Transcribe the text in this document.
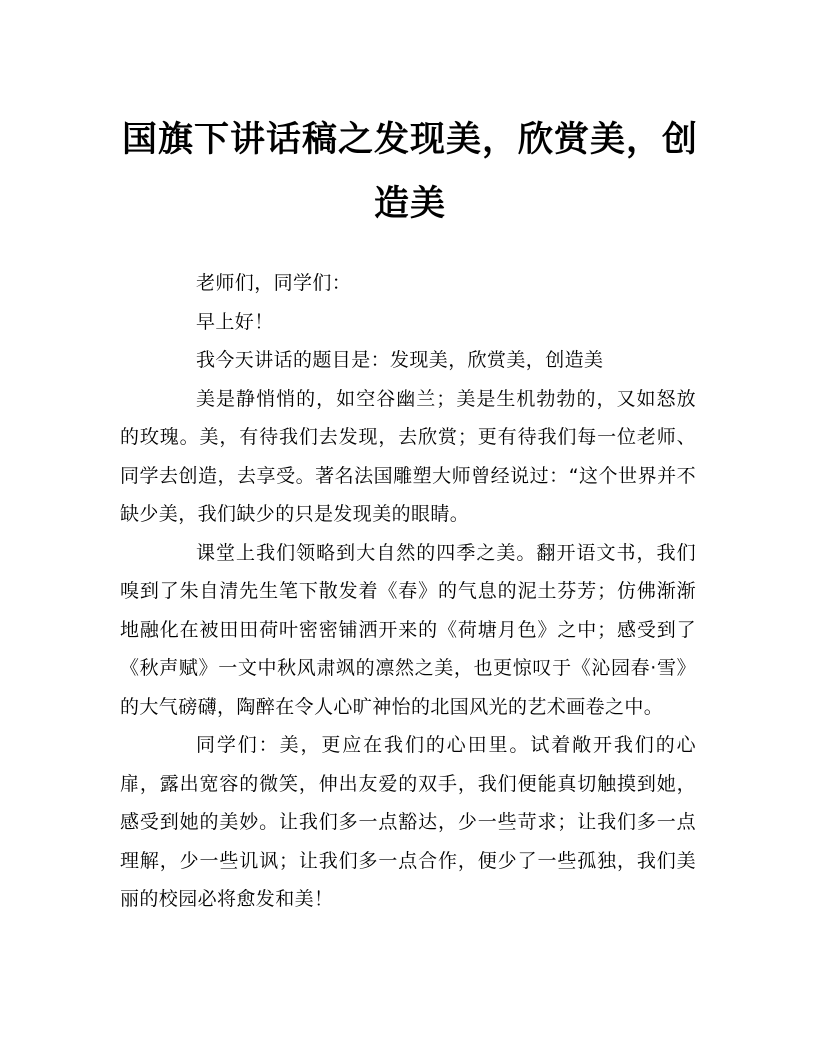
国旗下讲话稿之发现美，欣赏美，创造美

老师们，同学们：

早上好！

我今天讲话的题目是：发现美，欣赏美，创造美

美是静悄悄的，如空谷幽兰；美是生机勃勃的，又如怒放的玫瑰。美，有待我们去发现，去欣赏；更有待我们每一位老师、同学去创造，去享受。著名法国雕塑大师曾经说过：“这个世界并不缺少美，我们缺少的只是发现美的眼睛。

课堂上我们领略到大自然的四季之美。翻开语文书，我们嗅到了朱自清先生笔下散发着《春》的气息的泥土芬芳；仿佛渐渐地融化在被田田荷叶密密铺洒开来的《荷塘月色》之中；感受到了《秋声赋》一文中秋风肃飒的凛然之美，也更惊叹于《沁园春·雪》的大气磅礴，陶醉在令人心旷神怡的北国风光的艺术画卷之中。

同学们：美，更应在我们的心田里。试着敞开我们的心扉，露出宽容的微笑，伸出友爱的双手，我们便能真切触摸到她，感受到她的美妙。让我们多一点豁达，少一些苛求；让我们多一点理解，少一些讥讽；让我们多一点合作，便少了一些孤独，我们美丽的校园必将愈发和美！
